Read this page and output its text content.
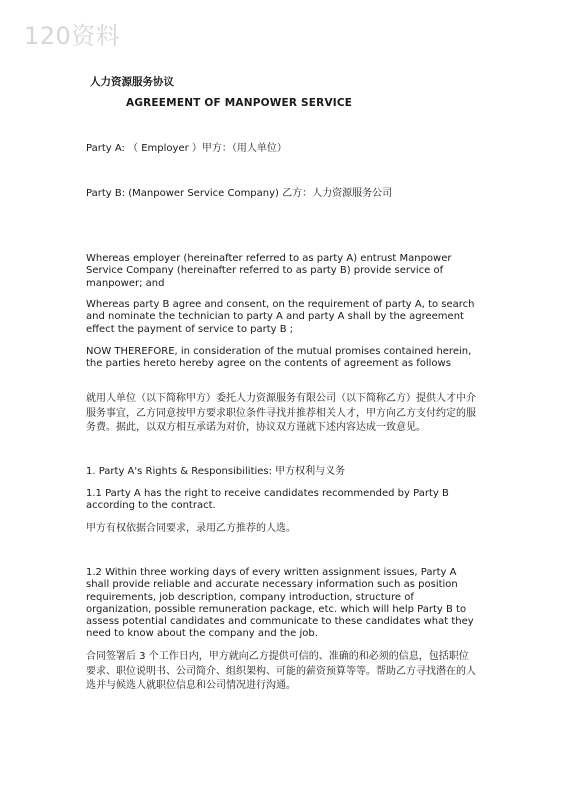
120资料
人力资源服务协议
AGREEMENT OF MANPOWER SERVICE
Party A: （ Employer ）甲方：（用人单位）
Party B: (Manpower Service Company) 乙方：人力资源服务公司
Whereas employer (hereinafter referred to as party A) entrust Manpower Service Company (hereinafter referred to as party B) provide service of manpower; and
Whereas party B agree and consent, on the requirement of party A, to search and nominate the technician to party A and party A shall by the agreement effect the payment of service to party B ;
NOW THEREFORE, in consideration of the mutual promises contained herein, the parties hereto hereby agree on the contents of agreement as follows
就用人单位（以下简称甲方）委托人力资源服务有限公司（以下简称乙方）提供人才中介服务事宜，乙方同意按甲方要求职位条件寻找并推荐相关人才，甲方向乙方支付约定的服务费。据此，以双方相互承诺为对价，协议双方谨就下述内容达成一致意见。
1. Party A's Rights & Responsibilities: 甲方权利与义务
1.1 Party A has the right to receive candidates recommended by Party B according to the contract.
甲方有权依据合同要求，录用乙方推荐的人选。
1.2 Within three working days of every written assignment issues, Party A shall provide reliable and accurate necessary information such as position requirements, job description, company introduction, structure of organization, possible remuneration package, etc. which will help Party B to assess potential candidates and communicate to these candidates what they need to know about the company and the job.
合同签署后 3 个工作日内，甲方就向乙方提供可信的、准确的和必须的信息，包括职位要求、职位说明书、公司简介、组织架构、可能的薪资预算等等。帮助乙方寻找潜在的人选并与候选人就职位信息和公司情况进行沟通。
